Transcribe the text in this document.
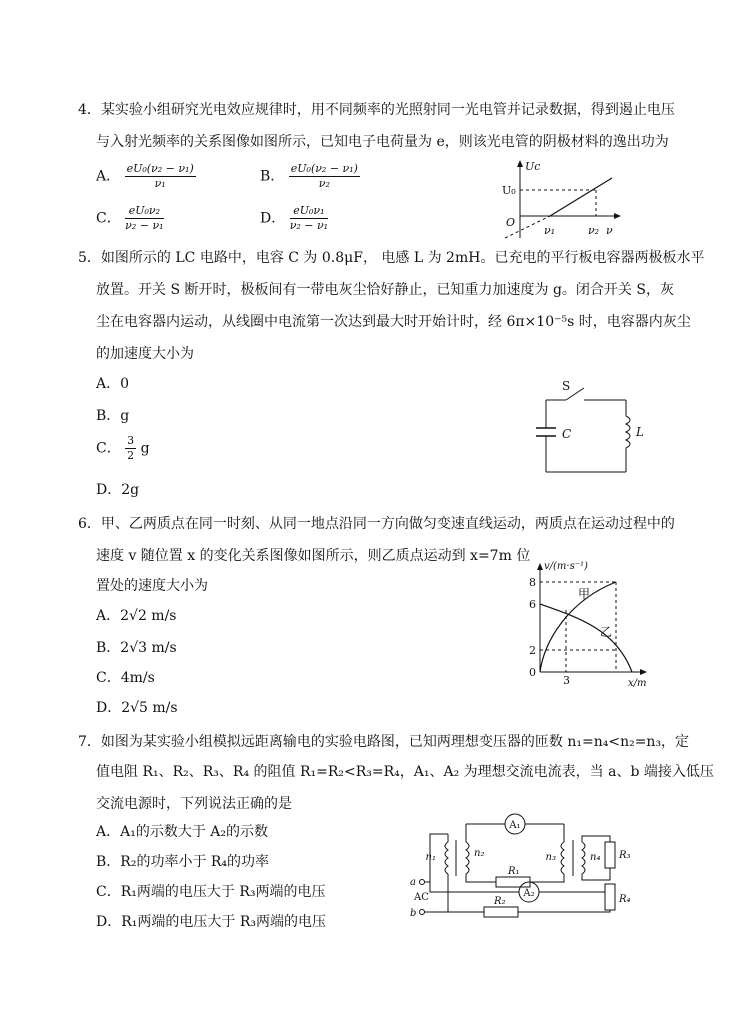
4．某实验小组研究光电效应规律时，用不同频率的光照射同一光电管并记录数据，得到遏止电压
与入射光频率的关系图像如图所示，已知电子电荷量为 e，则该光电管的阴极材料的逸出功为
A． $\frac{\text{eU₀(ν₂ − ν₁)}}{\text{ν₁}}$	B． $\frac{\text{eU₀(ν₂ − ν₁)}}{\text{ν₂}}$
C． $\frac{\text{eU₀ν₂}}{\text{ν₂ − ν₁}}$	D． $\frac{\text{eU₀ν₁}}{\text{ν₂ − ν₁}}$
Uc
U₀
O
ν₁	ν₂ ν
5．如图所示的 LC 电路中，电容 C 为 0.8μF， 电感 L 为 2mH。已充电的平行板电容器两极板水平
放置。开关 S 断开时，极板间有一带电灰尘恰好静止，已知重力加速度为 g。闭合开关 S，灰
尘在电容器内运动，从线圈中电流第一次达到最大时开始计时，经 6π×10⁻⁵s 时，电容器内灰尘
的加速度大小为
A．0
B．g
C． $\frac{3}{2}$ g
D．2g
S
C	L
6．甲、乙两质点在同一时刻、从同一地点沿同一方向做匀变速直线运动，两质点在运动过程中的
速度 v 随位置 x 的变化关系图像如图所示，则乙质点运动到 x=7m 位
置处的速度大小为
A．2√2 m/s
B．2√3 m/s
C．4m/s
D．2√5 m/s
8
6
2
0
3	x/m
v/(m·s⁻¹)
甲
乙
7．如图为某实验小组模拟远距离输电的实验电路图，已知两理想变压器的匝数 n₁=n₄<n₂=n₃，定
值电阻 R₁、R₂、R₃、R₄ 的阻值 R₁=R₂<R₃=R₄，A₁、A₂ 为理想交流电流表，当 a、b 端接入低压
交流电源时，下列说法正确的是
A．A₁的示数大于 A₂的示数
B．R₂的功率小于 R₄的功率
C．R₁两端的电压大于 R₃两端的电压
D．R₁两端的电压大于 R₃两端的电压
A₁
n₁	n₂	n₃	n₄
R₁
R₃
a
b
AC	A₂
R₄
R₂
